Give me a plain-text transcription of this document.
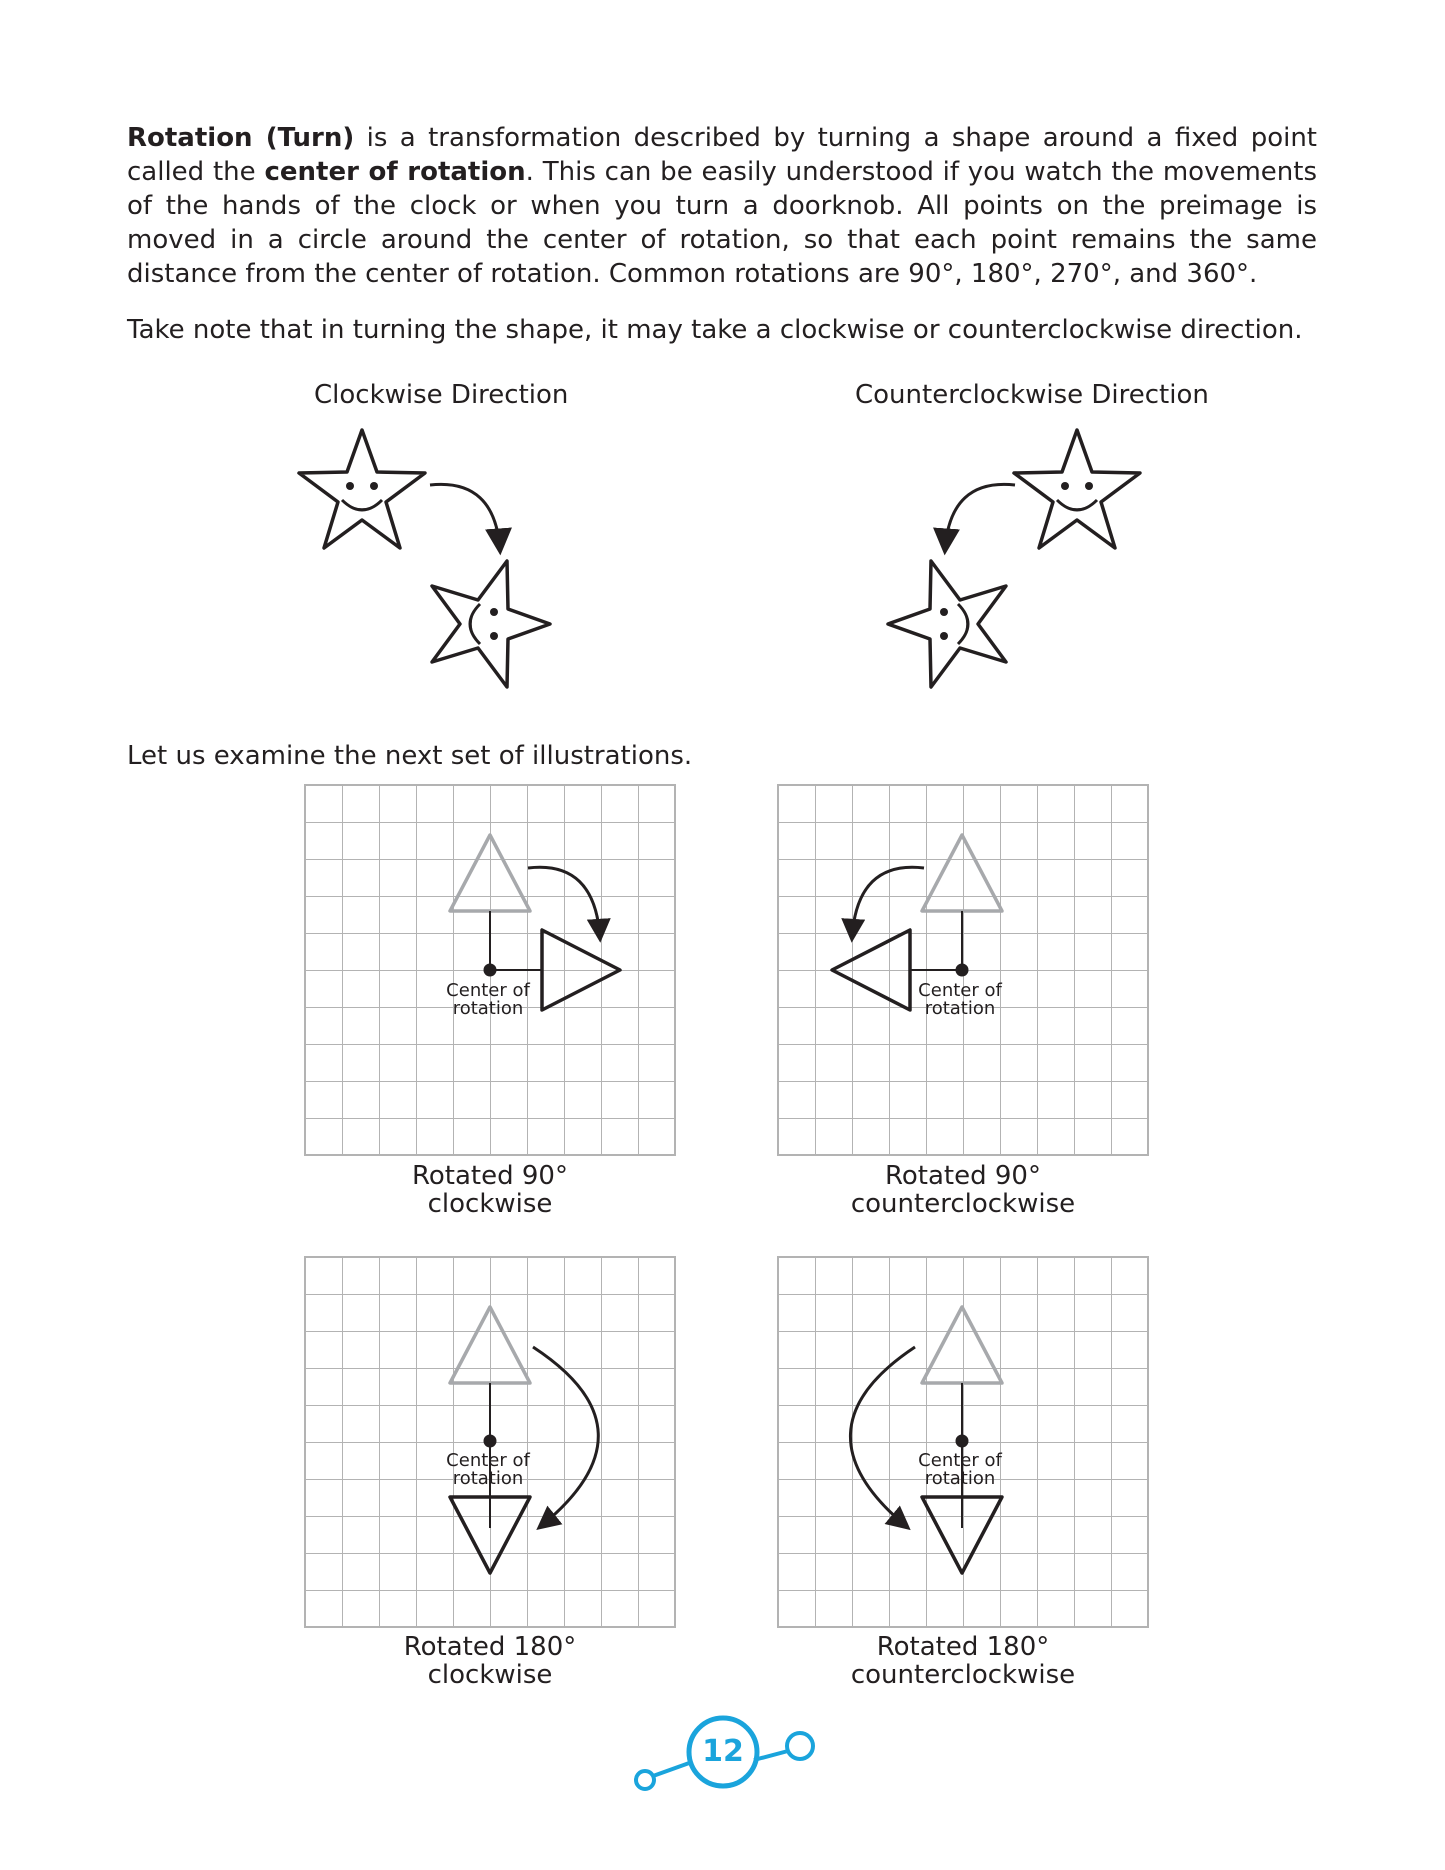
Rotation (Turn) is a transformation described by turning a shape around a fixed point called the center of rotation. This can be easily understood if you watch the movements of the hands of the clock or when you turn a doorknob. All points on the preimage is moved in a circle around the center of rotation, so that each point remains the same distance from the center of rotation. Common rotations are 90°, 180°, 270°, and 360°.

Take note that in turning the shape, it may take a clockwise or counterclockwise direction.

Clockwise Direction	Counterclockwise Direction

Let us examine the next set of illustrations.

Center of
rotation
Center of
rotation
Center of
rotation
Center of
rotation
Rotated 90°
clockwise
Rotated 90°
counterclockwise
Rotated 180°
clockwise
Rotated 180°
counterclockwise
12
